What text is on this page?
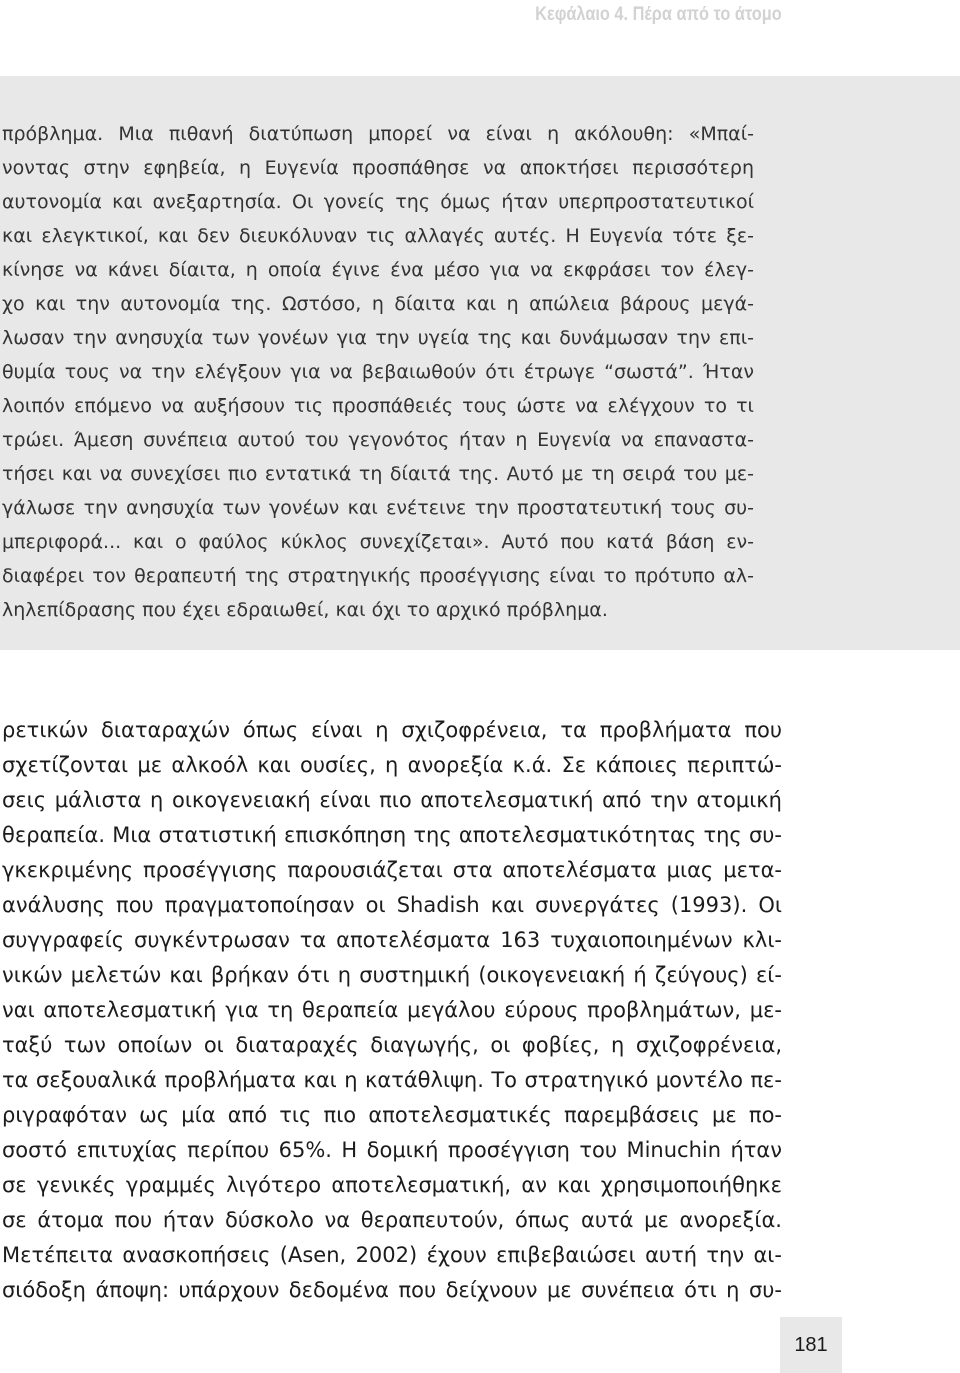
Κεφάλαιο 4. Πέρα από το άτομο
πρόβλημα. Μια πιθανή διατύπωση μπορεί να είναι η ακόλουθη: «Μπαί-
νοντας στην εφηβεία, η Ευγενία προσπάθησε να αποκτήσει περισσότερη
αυτονομία και ανεξαρτησία. Οι γονείς της όμως ήταν υπερπροστατευτικοί
και ελεγκτικοί, και δεν διευκόλυναν τις αλλαγές αυτές. Η Ευγενία τότε ξε-
κίνησε να κάνει δίαιτα, η οποία έγινε ένα μέσο για να εκφράσει τον έλεγ-
χο και την αυτονομία της. Ωστόσο, η δίαιτα και η απώλεια βάρους μεγά-
λωσαν την ανησυχία των γονέων για την υγεία της και δυνάμωσαν την επι-
θυμία τους να την ελέγξουν για να βεβαιωθούν ότι έτρωγε “σωστά”. Ήταν
λοιπόν επόμενο να αυξήσουν τις προσπάθειές τους ώστε να ελέγχουν το τι
τρώει. Άμεση συνέπεια αυτού του γεγονότος ήταν η Ευγενία να επαναστα-
τήσει και να συνεχίσει πιο εντατικά τη δίαιτά της. Αυτό με τη σειρά του με-
γάλωσε την ανησυχία των γονέων και ενέτεινε την προστατευτική τους συ-
μπεριφορά... και ο φαύλος κύκλος συνεχίζεται». Αυτό που κατά βάση εν-
διαφέρει τον θεραπευτή της στρατηγικής προσέγγισης είναι το πρότυπο αλ-
ληλεπίδρασης που έχει εδραιωθεί, και όχι το αρχικό πρόβλημα.
ρετικών διαταραχών όπως είναι η σχιζοφρένεια, τα προβλήματα που
σχετίζονται με αλκοόλ και ουσίες, η ανορεξία κ.ά. Σε κάποιες περιπτώ-
σεις μάλιστα η οικογενειακή είναι πιο αποτελεσματική από την ατομική
θεραπεία. Μια στατιστική επισκόπηση της αποτελεσματικότητας της συ-
γκεκριμένης προσέγγισης παρουσιάζεται στα αποτελέσματα μιας μετα-
ανάλυσης που πραγματοποίησαν οι Shadish και συνεργάτες (1993). Οι
συγγραφείς συγκέντρωσαν τα αποτελέσματα 163 τυχαιοποιημένων κλι-
νικών μελετών και βρήκαν ότι η συστημική (οικογενειακή ή ζεύγους) εί-
ναι αποτελεσματική για τη θεραπεία μεγάλου εύρους προβλημάτων, με-
ταξύ των οποίων οι διαταραχές διαγωγής, οι φοβίες, η σχιζοφρένεια,
τα σεξουαλικά προβλήματα και η κατάθλιψη. Το στρατηγικό μοντέλο πε-
ριγραφόταν ως μία από τις πιο αποτελεσματικές παρεμβάσεις με πο-
σοστό επιτυχίας περίπου 65%. Η δομική προσέγγιση του Minuchin ήταν
σε γενικές γραμμές λιγότερο αποτελεσματική, αν και χρησιμοποιήθηκε
σε άτομα που ήταν δύσκολο να θεραπευτούν, όπως αυτά με ανορεξία.
Μετέπειτα ανασκοπήσεις (Asen, 2002) έχουν επιβεβαιώσει αυτή την αι-
σιόδοξη άποψη: υπάρχουν δεδομένα που δείχνουν με συνέπεια ότι η συ-
181
